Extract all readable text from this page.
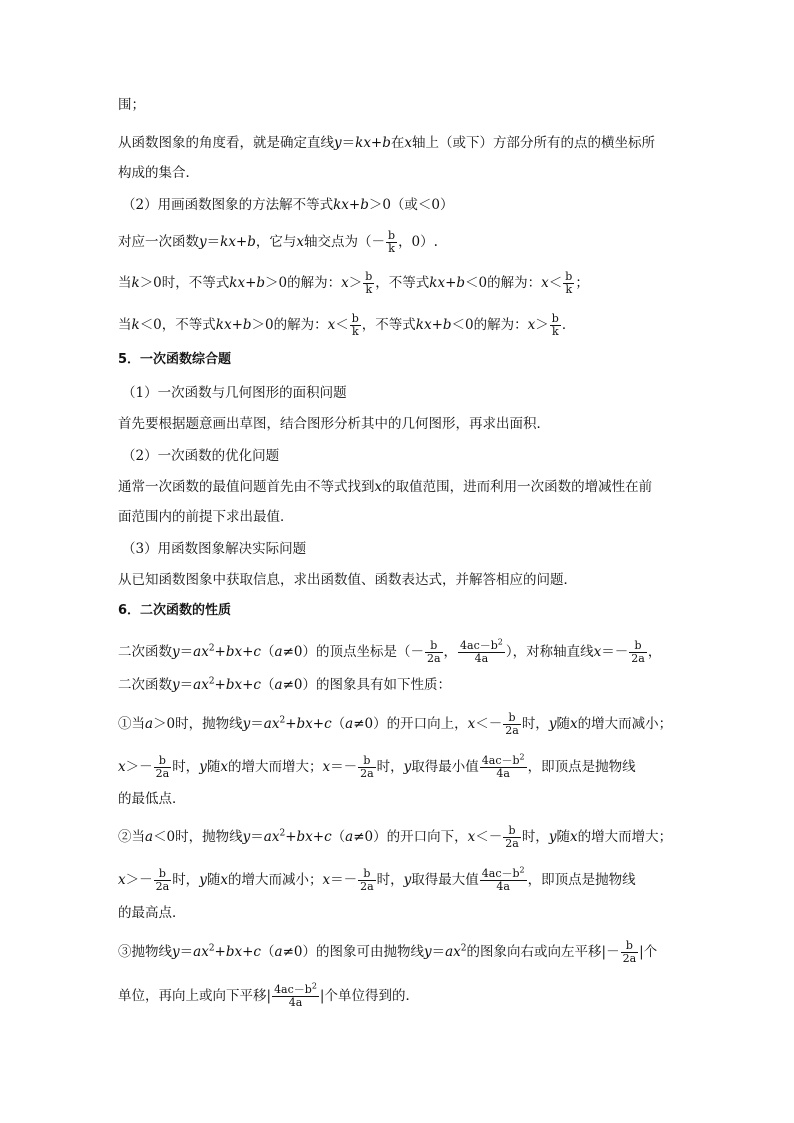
围；
从函数图象的角度看，就是确定直线y＝kx+b在x轴上（或下）方部分所有的点的横坐标所
构成的集合．
（2）用画函数图象的方法解不等式kx+b＞0（或＜0）
对应一次函数y＝kx+b，它与x轴交点为（－ $\frac{b}{k}$ ，0）.
当k＞0时，不等式kx+b＞0的解为：$x> \frac{b}{k}$ ，不等式kx+b＜0的解为：$x< \frac{b}{k}$ ；
当k＜0，不等式kx+b＞0的解为：$x< \frac{b}{k}$ ，不等式kx+b＜0的解为：$x> \frac{b}{k}$ ．
5．一次函数综合题
（1）一次函数与几何图形的面积问题
首先要根据题意画出草图，结合图形分析其中的几何图形，再求出面积．
（2）一次函数的优化问题
通常一次函数的最值问题首先由不等式找到x的取值范围，进而利用一次函数的增减性在前
面范围内的前提下求出最值．
（3）用函数图象解决实际问题
从已知函数图象中获取信息，求出函数值、函数表达式，并解答相应的问题．
6．二次函数的性质
二次函数$y=ax^2+bx+c(a\ne 0)$的顶点坐标是（－ $\frac{b}{2a}$ ， $\frac{4ac-b^2}{4a}$ ），对称轴直线$x=- \frac{b}{2a}$ ，
二次函数$y=ax^2+bx+c(a\ne 0)$的图象具有如下性质：
①当a＞0时，抛物线$y=ax^2+bx+c(a\ne 0)$的开口向上，$x<- \frac{b}{2a}$ 时，y随x的增大而减小；
$x>- \frac{b}{2a}$ 时，y随x的增大而增大；$x=- \frac{b}{2a}$ 时，y取得最小值 $\frac{4ac-b^2}{4a}$ ，即顶点是抛物线
的最低点．
②当a＜0时，抛物线$y=ax^2+bx+c(a\ne 0)$的开口向下，$x<- \frac{b}{2a}$ 时，y随x的增大而增大；
$x>- \frac{b}{2a}$ 时，y随x的增大而减小；$x=- \frac{b}{2a}$ 时，y取得最大值 $\frac{4ac-b^2}{4a}$ ，即顶点是抛物线
的最高点．
③抛物线$y=ax^2+bx+c(a\ne 0)$的图象可由抛物线$y=ax^2$的图象向右或向左平移|－ $\frac{b}{2a}$ |个
单位，再向上或向下平移| $\frac{4ac-b^2}{4a}$ |个单位得到的．
